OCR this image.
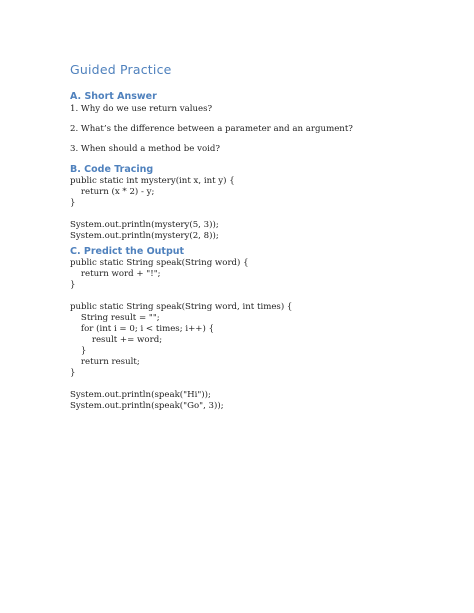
Guided Practice
A. Short Answer
1. Why do we use return values?
2. What’s the difference between a parameter and an argument?
3. When should a method be void?
B. Code Tracing
public static int mystery(int x, int y) {
return (x * 2) - y;
}
System.out.println(mystery(5, 3));
System.out.println(mystery(2, 8));
C. Predict the Output
public static String speak(String word) {
return word + "!";
}
public static String speak(String word, int times) {
String result = "";
for (int i = 0; i < times; i++) {
result += word;
}
return result;
}
System.out.println(speak("Hi"));
System.out.println(speak("Go", 3));
